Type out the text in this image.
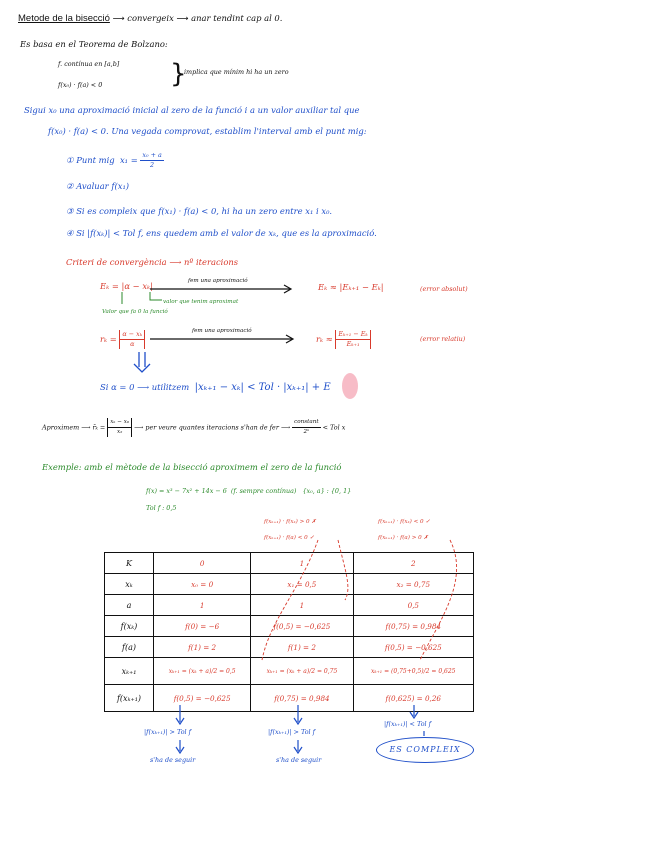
Metode de la bisecció ⟶ convergeix ⟶ anar tendint cap al 0.
Es basa en el Teorema de Bolzano:
f. contínua en [a,b]
f(x₀) · f(a) < 0	}
implica que mínim hi ha un zero
Sigui x₀ una aproximació inicial al zero de la funció i a un valor auxiliar tal que
f(x₀) · f(a) < 0. Una vegada comprovat, establim l'interval amb el punt mig:
① Punt mig $x_1 = \frac{\text{x₀ + a}}{2}$
② Avaluar f(x₁)
③ Si es compleix que f(x₁) · f(a) < 0, hi ha un zero entre x₁ i x₀.
④ Si |f(xₖ)| < Tol f, ens quedem amb el valor de xₖ, que es la aproximació.
Criteri de convergència ⟶ nº iteracions
Eₖ = |α − xₖ|	fem una aproximació
Eₖ ≈ |Eₖ₊₁ − Eₖ|	(error absolut)
valor que tenim aproximat
Valor que fa 0 la funció
$r_k = \frac{\text{α − xₖ}}{\alpha}$	fem una aproximació
$r_k \approx \frac{\text{Eₖ₊₁ − Eₖ}}{\text{Eₖ₊₁}}$	(error relatiu)
Si α = 0 ⟶ utilitzem |xₖ₊₁ − xₖ| < Tol · |xₖ₊₁| + E
Aproximem ⟶ r̄ₖ = $\frac{\text{xₖ − x₀}}{\text{x₂}}$ ⟶ per veure quantes iteracions s'han de fer ⟶ $\frac{\text{constant}}{\text{2ⁿ}}$ < Tol x
Exemple: amb el mètode de la bisecció aproximem el zero de la funció
f(x) = x³ − 7x² + 14x − 6 (f. sempre contínua) {x₀, a} : {0, 1}
Tol f : 0,5
f(xₖ₊₁) · f(xₖ) > 0 ✗
f(xₖ₊₁) · f(a) < 0 ✓
f(xₖ₊₁) · f(xₖ) < 0 ✓
f(xₖ₊₁) · f(a) > 0 ✗
K	0	1	2
xₖ	x₀ = 0	x₁ = 0,5	x₂ = 0,75
a	1	1	0,5
f(xₖ)	f(0) = −6	f(0,5) = −0,625	f(0,75) = 0,984
f(a)	f(1) = 2	f(1) = 2	f(0,5) = −0,625
xₖ₊₁	xₖ₊₁ = (xₖ + a)/2 = 0,5	xₖ₊₁ = (xₖ + a)/2 = 0,75	xₖ₊₁ = (0,75+0,5)/2 = 0,625
f(xₖ₊₁)	f(0,5) = −0,625	f(0,75) = 0,984	f(0,625) = 0,26
|f(xₖ₊₁)| > Tol f
s'ha de seguir
|f(xₖ₊₁)| > Tol f
s'ha de seguir
|f(xₖ₊₁)| < Tol f
ES COMPLEIX
